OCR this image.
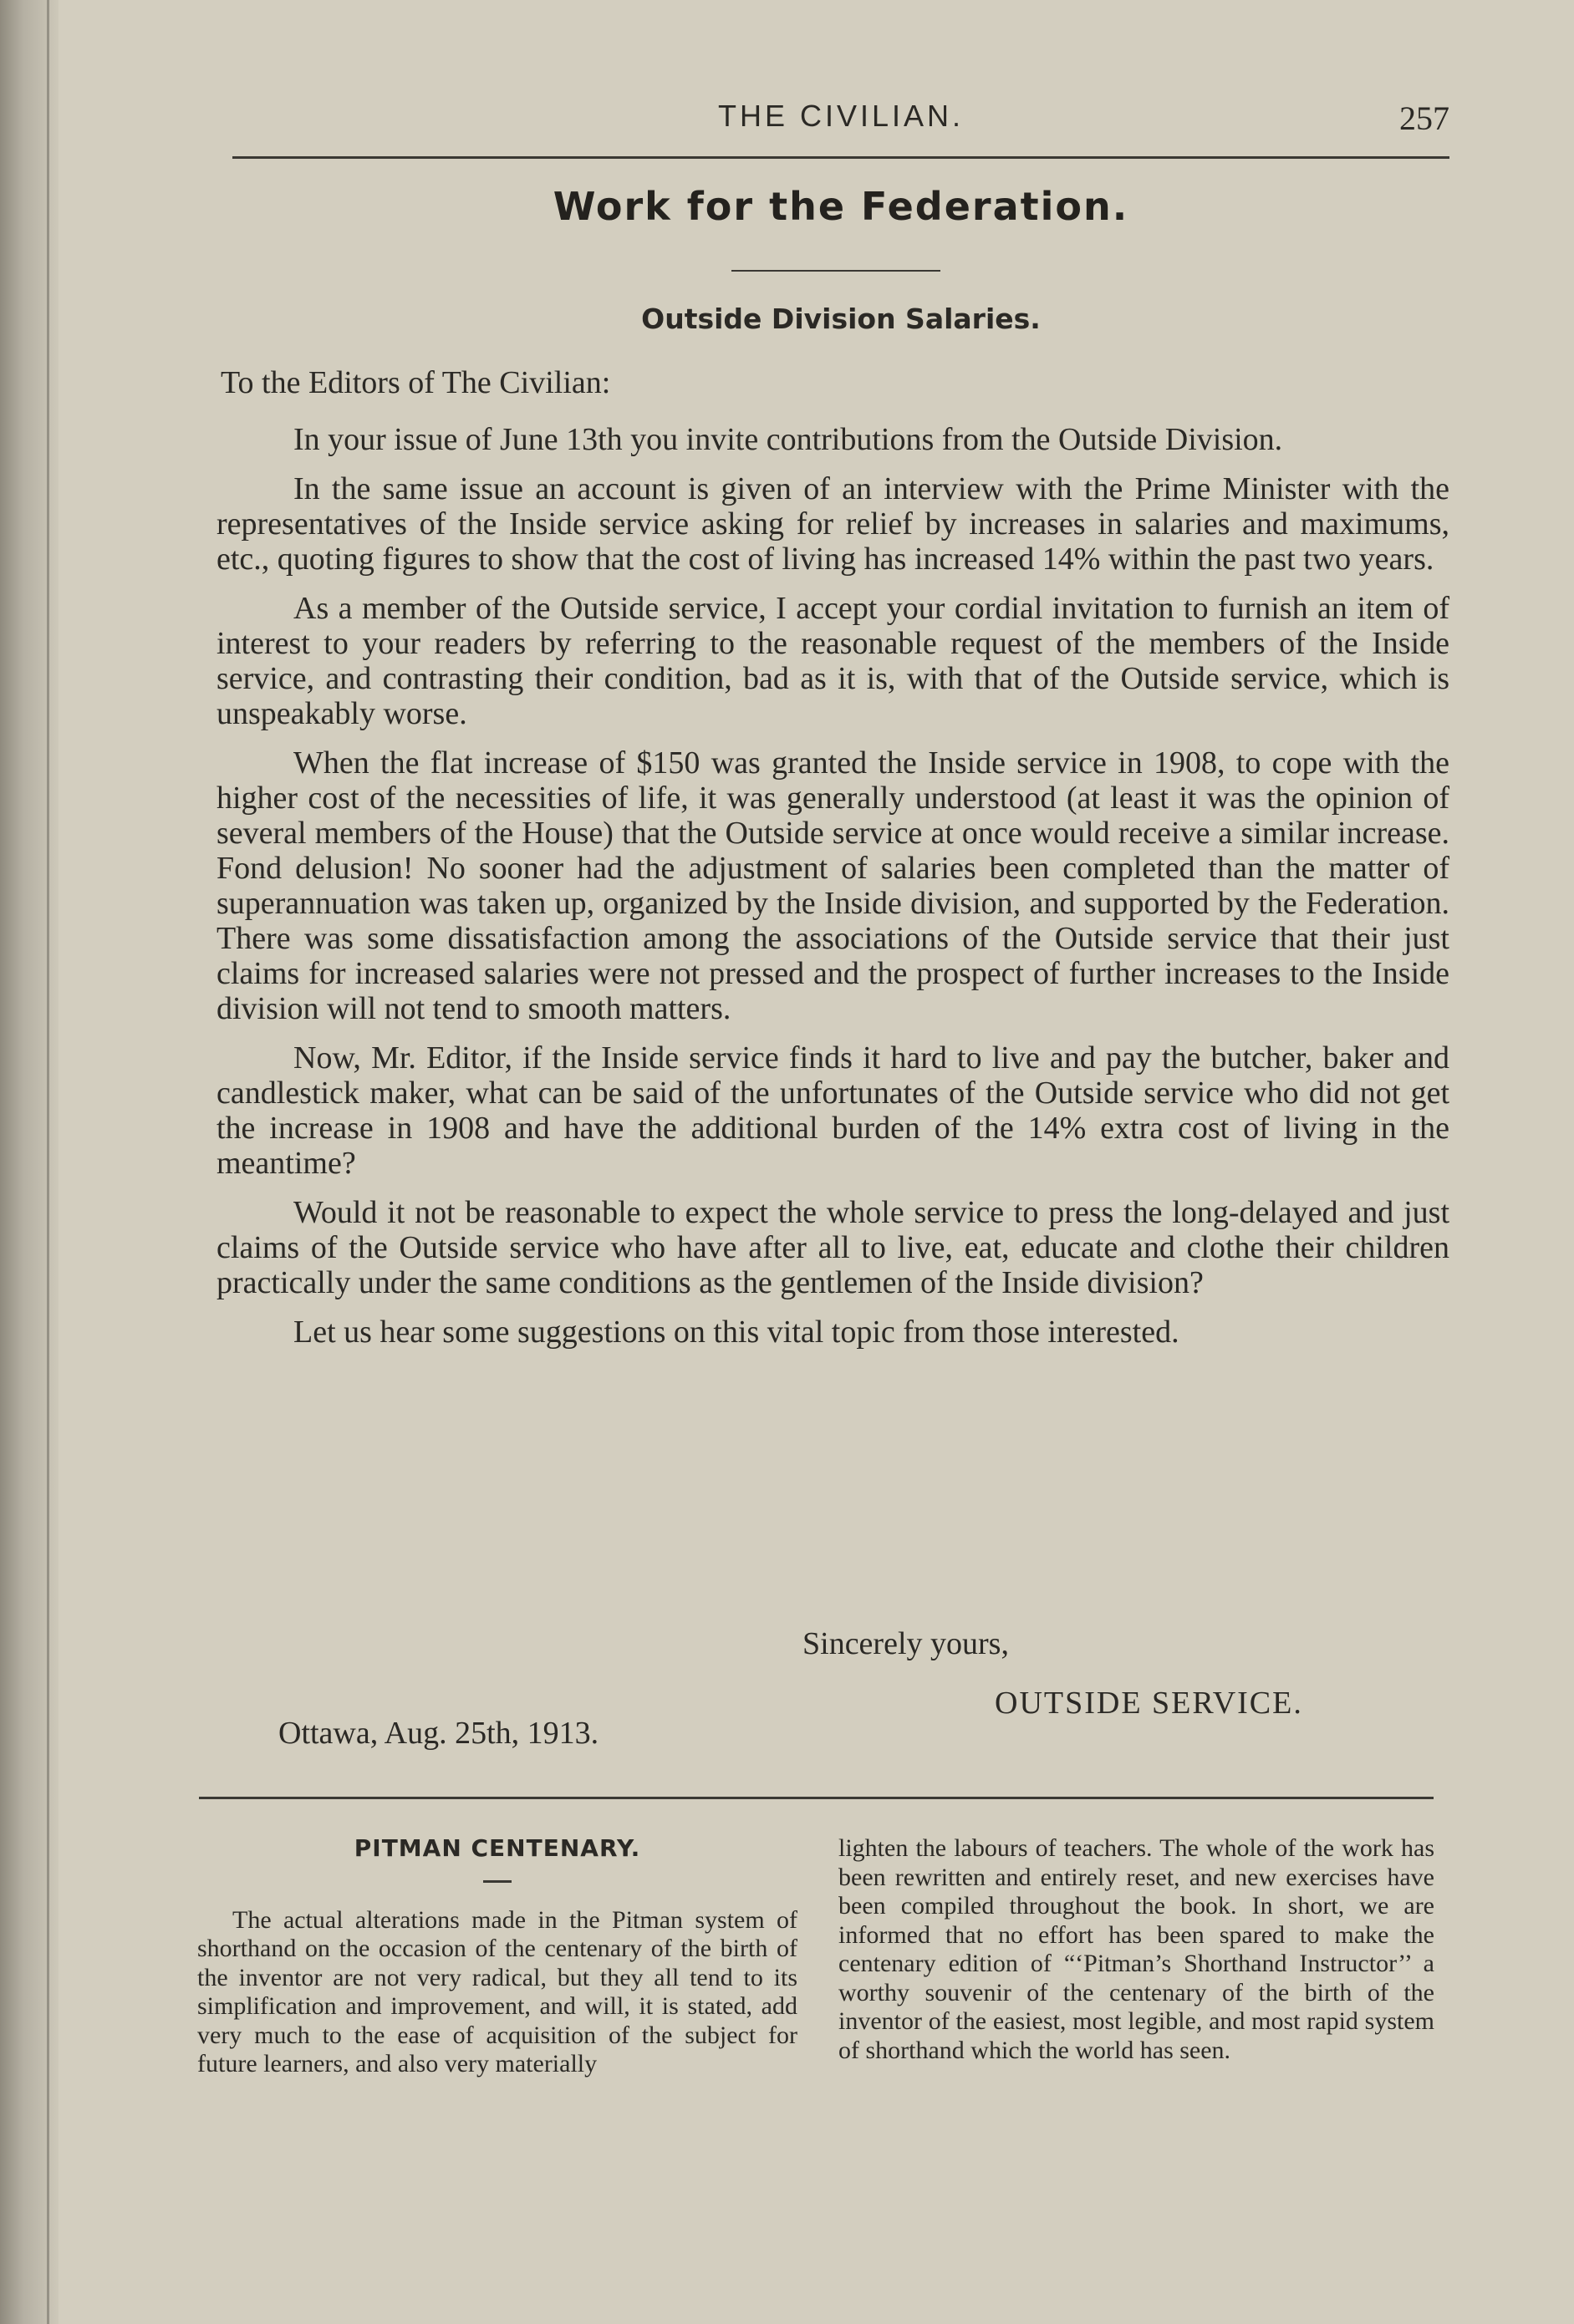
THE CIVILIAN.	257
Work for the Federation.
Outside Division Salaries.
To the Editors of The Civilian:

In your issue of June 13th you invite contributions from the Outside Division.

In the same issue an account is given of an interview with the Prime Minister with the representatives of the Inside service asking for relief by increases in salaries and maximums, etc., quoting figures to show that the cost of living has increased 14% within the past two years.

As a member of the Outside service, I accept your cordial invitation to furnish an item of interest to your readers by referring to the reasonable request of the members of the Inside service, and contrasting their condition, bad as it is, with that of the Outside service, which is unspeakably worse.

When the flat increase of $150 was granted the Inside service in 1908, to cope with the higher cost of the necessities of life, it was generally understood (at least it was the opinion of several members of the House) that the Outside service at once would receive a similar increase. Fond delusion! No sooner had the adjustment of salaries been completed than the matter of superannuation was taken up, organized by the Inside division, and supported by the Federation. There was some dissatisfaction among the associations of the Outside service that their just claims for increased salaries were not pressed and the prospect of further increases to the Inside division will not tend to smooth matters.

Now, Mr. Editor, if the Inside service finds it hard to live and pay the butcher, baker and candlestick maker, what can be said of the unfortunates of the Outside service who did not get the increase in 1908 and have the additional burden of the 14% extra cost of living in the meantime?

Would it not be reasonable to expect the whole service to press the long-delayed and just claims of the Outside service who have after all to live, eat, educate and clothe their children practically under the same conditions as the gentlemen of the Inside division?

Let us hear some suggestions on this vital topic from those interested.

Sincerely yours,
OUTSIDE SERVICE.
Ottawa, Aug. 25th, 1913.
PITMAN CENTENARY.

The actual alterations made in the Pitman system of shorthand on the occasion of the centenary of the birth of the inventor are not very radical, but they all tend to its simplification and improvement, and will, it is stated, add very much to the ease of acquisition of the subject for future learners, and also very materially

lighten the labours of teachers. The whole of the work has been rewritten and entirely reset, and new exercises have been compiled throughout the book. In short, we are informed that no effort has been spared to make the centenary edition of “‘Pitman’s Shorthand Instructor’’ a worthy souvenir of the centenary of the birth of the inventor of the easiest, most legible, and most rapid system of shorthand which the world has seen.
